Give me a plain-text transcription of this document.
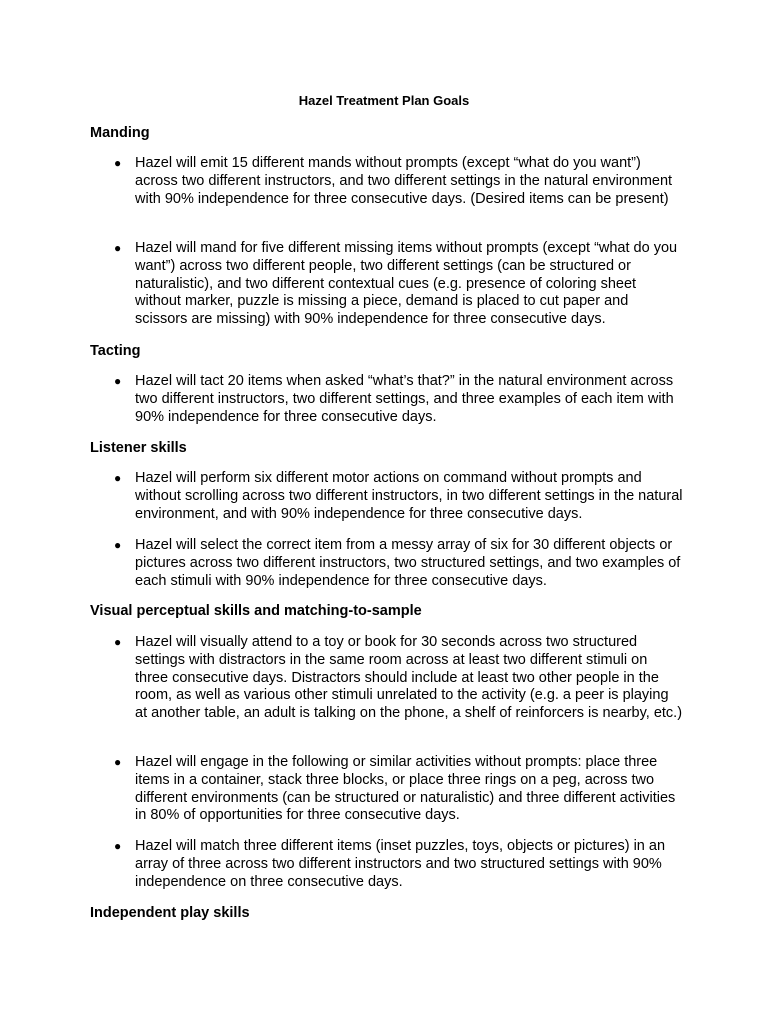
Hazel Treatment Plan Goals
Manding
● Hazel will emit 15 different mands without prompts (except “what do you want”) across two different instructors, and two different settings in the natural environment with 90% independence for three consecutive days. (Desired items can be present)
● Hazel will mand for five different missing items without prompts (except “what do you want”) across two different people, two different settings (can be structured or naturalistic), and two different contextual cues (e.g. presence of coloring sheet without marker, puzzle is missing a piece, demand is placed to cut paper and scissors are missing) with 90% independence for three consecutive days.
Tacting
● Hazel will tact 20 items when asked “what’s that?” in the natural environment across two different instructors, two different settings, and three examples of each item with 90% independence for three consecutive days.
Listener skills
● Hazel will perform six different motor actions on command without prompts and without scrolling across two different instructors, in two different settings in the natural environment, and with 90% independence for three consecutive days.
● Hazel will select the correct item from a messy array of six for 30 different objects or pictures across two different instructors, two structured settings, and two examples of each stimuli with 90% independence for three consecutive days.
Visual perceptual skills and matching-to-sample
● Hazel will visually attend to a toy or book for 30 seconds across two structured settings with distractors in the same room across at least two different stimuli on three consecutive days. Distractors should include at least two other people in the room, as well as various other stimuli unrelated to the activity (e.g. a peer is playing at another table, an adult is talking on the phone, a shelf of reinforcers is nearby, etc.)
● Hazel will engage in the following or similar activities without prompts: place three items in a container, stack three blocks, or place three rings on a peg, across two different environments (can be structured or naturalistic) and three different activities in 80% of opportunities for three consecutive days.
● Hazel will match three different items (inset puzzles, toys, objects or pictures) in an array of three across two different instructors and two structured settings with 90% independence on three consecutive days.
Independent play skills
